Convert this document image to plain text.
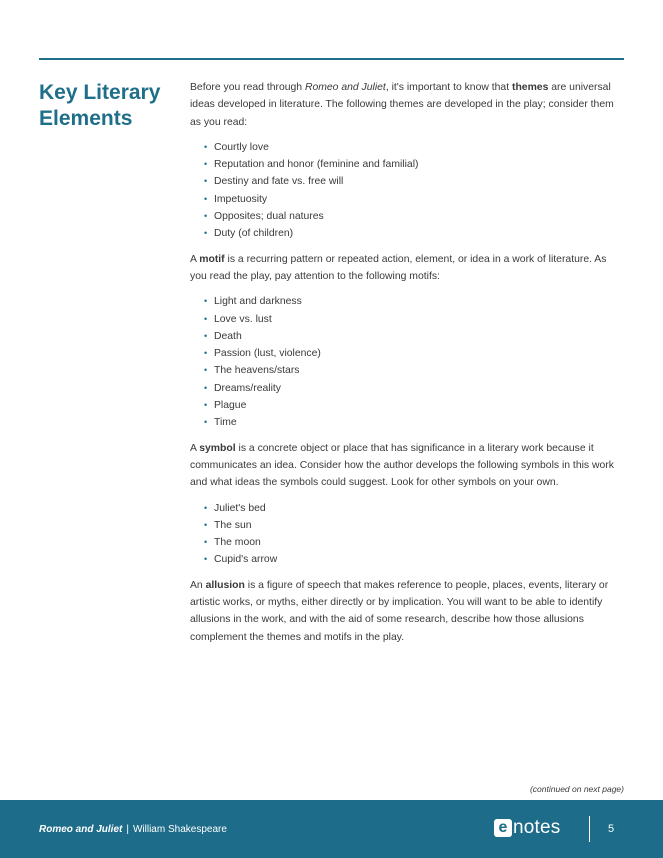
Key Literary Elements

Before you read through Romeo and Juliet, it's important to know that themes are universal ideas developed in literature. The following themes are developed in the play; consider them as you read:

• Courtly love
• Reputation and honor (feminine and familial)
• Destiny and fate vs. free will
• Impetuosity
• Opposites; dual natures
• Duty (of children)

A motif is a recurring pattern or repeated action, element, or idea in a work of literature. As you read the play, pay attention to the following motifs:

• Light and darkness
• Love vs. lust
• Death
• Passion (lust, violence)
• The heavens/stars
• Dreams/reality
• Plague
• Time

A symbol is a concrete object or place that has significance in a literary work because it communicates an idea. Consider how the author develops the following symbols in this work and what ideas the symbols could suggest. Look for other symbols on your own.

• Juliet's bed
• The sun
• The moon
• Cupid's arrow

An allusion is a figure of speech that makes reference to people, places, events, literary or artistic works, or myths, either directly or by implication. You will want to be able to identify allusions in the work, and with the aid of some research, describe how those allusions complement the themes and motifs in the play.

(continued on next page)
Romeo and Juliet | William Shakespeare	e notes	5
